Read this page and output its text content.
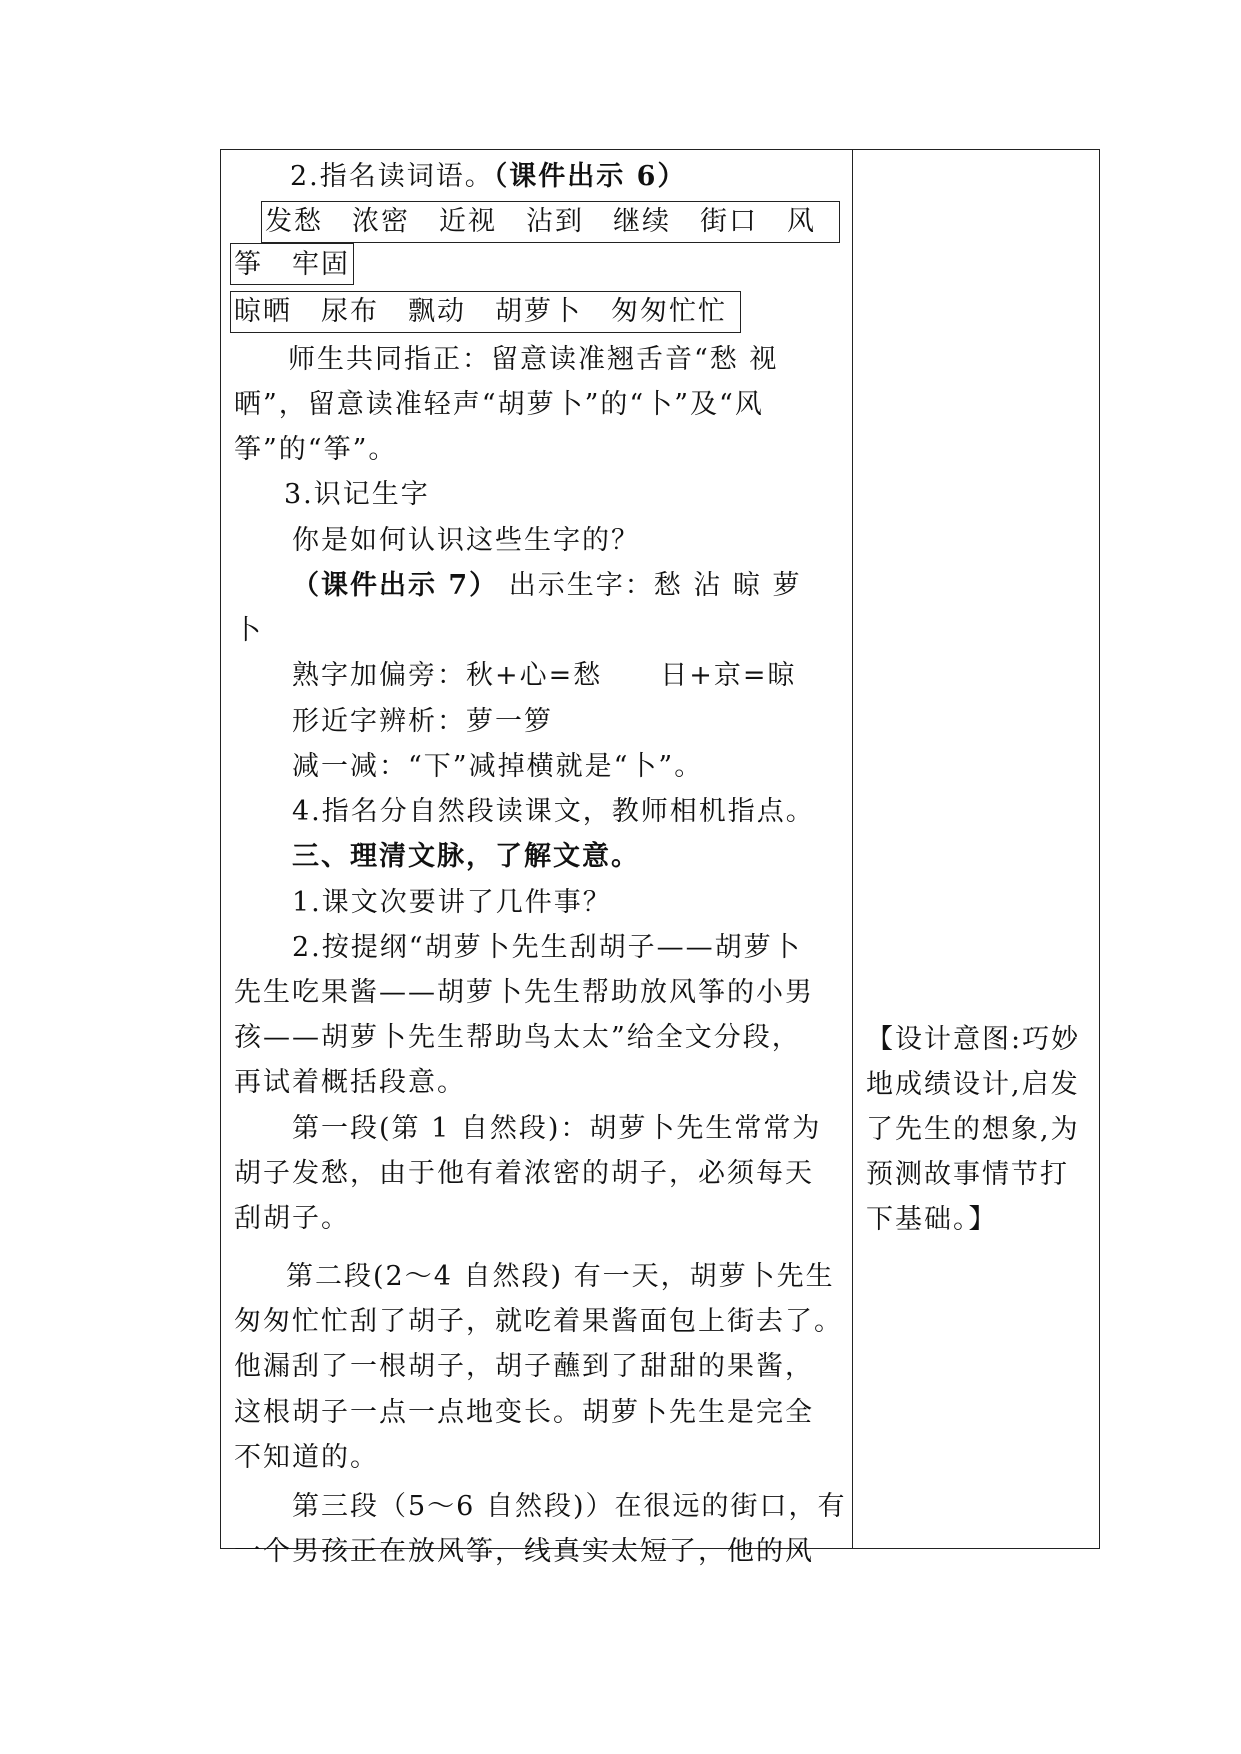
2.指名读词语。（课件出示 6）
发愁　浓密　近视　沾到　继续　街口　风
筝　牢固
晾晒　尿布　飘动　胡萝卜　匆匆忙忙
师生共同指正：留意读准翘舌音“愁 视
晒”，留意读准轻声“胡萝卜”的“卜”及“风
筝”的“筝”。
3.识记生字
你是如何认识这些生字的？
（课件出示 7） 出示生字：愁 沾 晾 萝
卜
熟字加偏旁：秋+心=愁　　日+京=晾
形近字辨析：萝一箩
减一减：“下”减掉横就是“卜”。
4.指名分自然段读课文，教师相机指点。
三、理清文脉，了解文意。
1.课文次要讲了几件事？
2.按提纲“胡萝卜先生刮胡子——胡萝卜
先生吃果酱——胡萝卜先生帮助放风筝的小男
孩——胡萝卜先生帮助鸟太太”给全文分段，
再试着概括段意。
第一段(第 1 自然段)：胡萝卜先生常常为
胡子发愁，由于他有着浓密的胡子，必须每天
刮胡子。
第二段(2～4 自然段) 有一天，胡萝卜先生
匆匆忙忙刮了胡子，就吃着果酱面包上街去了。
他漏刮了一根胡子，胡子蘸到了甜甜的果酱，
这根胡子一点一点地变长。胡萝卜先生是完全
不知道的。
第三段（5～6 自然段)）在很远的街口，有
一个男孩正在放风筝，线真实太短了，他的风
【设计意图:巧妙
地成绩设计,启发
了先生的想象,为
预测故事情节打
下基础。】
